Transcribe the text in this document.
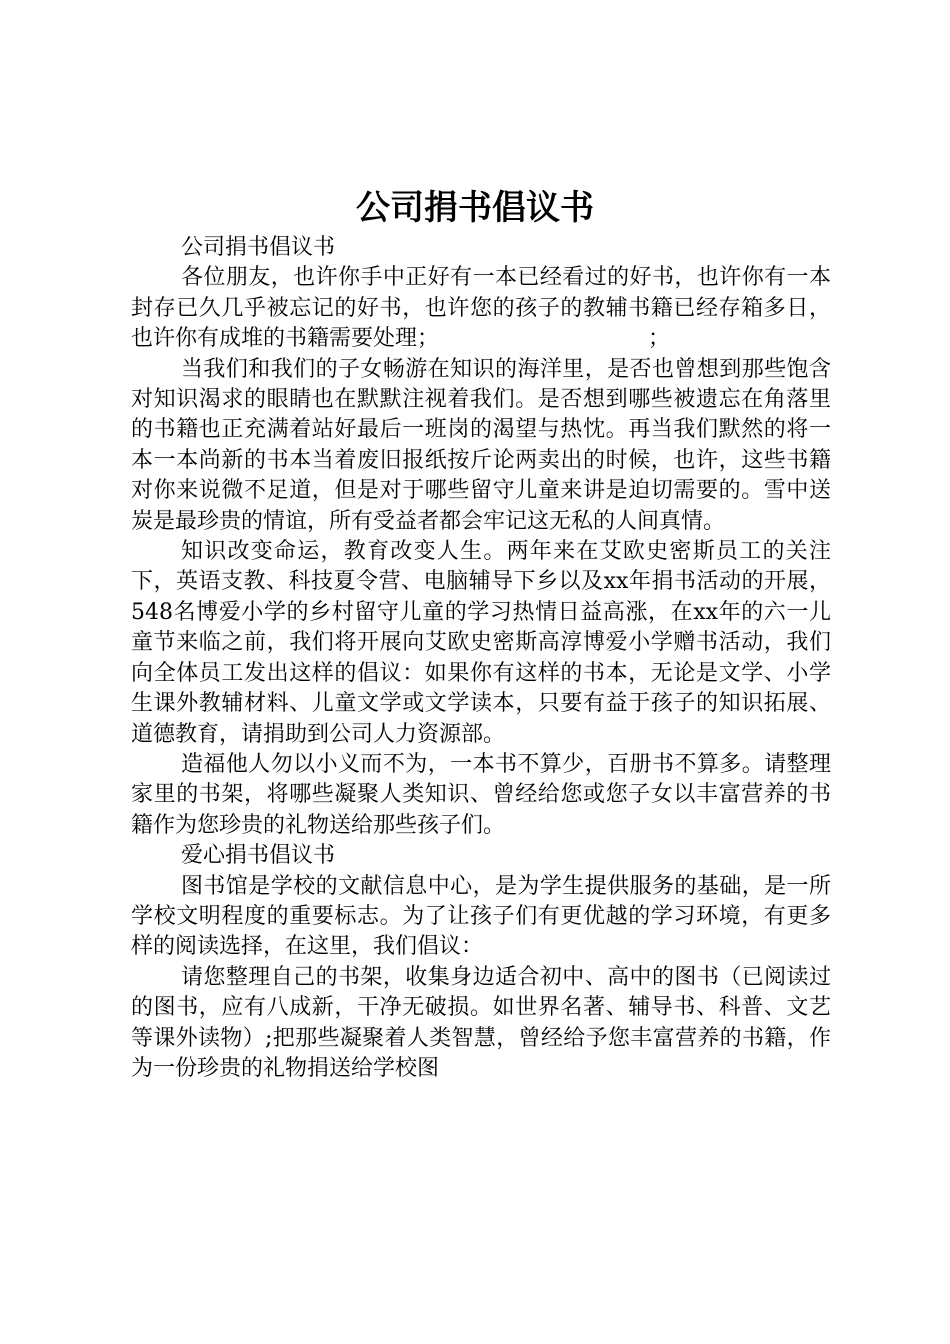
公司捐书倡议书

公司捐书倡议书

各位朋友，也许你手中正好有一本已经看过的好书，也许你有一本封存已久几乎被忘记的好书，也许您的孩子的教辅书籍已经存箱多日，也许你有成堆的书籍需要处理；　　　　　　　　　　；

当我们和我们的子女畅游在知识的海洋里，是否也曾想到那些饱含对知识渴求的眼睛也在默默注视着我们。是否想到哪些被遗忘在角落里的书籍也正充满着站好最后一班岗的渴望与热忱。再当我们默然的将一本一本尚新的书本当着废旧报纸按斤论两卖出的时候，也许，这些书籍对你来说微不足道，但是对于哪些留守儿童来讲是迫切需要的。雪中送炭是最珍贵的情谊，所有受益者都会牢记这无私的人间真情。

知识改变命运，教育改变人生。两年来在艾欧史密斯员工的关注下，英语支教、科技夏令营、电脑辅导下乡以及xx年捐书活动的开展，548名博爱小学的乡村留守儿童的学习热情日益高涨，在xx年的六一儿童节来临之前，我们将开展向艾欧史密斯高淳博爱小学赠书活动，我们向全体员工发出这样的倡议：如果你有这样的书本，无论是文学、小学生课外教辅材料、儿童文学或文学读本，只要有益于孩子的知识拓展、道德教育，请捐助到公司人力资源部。

造福他人勿以小义而不为，一本书不算少，百册书不算多。请整理家里的书架，将哪些凝聚人类知识、曾经给您或您子女以丰富营养的书籍作为您珍贵的礼物送给那些孩子们。

爱心捐书倡议书

图书馆是学校的文献信息中心，是为学生提供服务的基础，是一所学校文明程度的重要标志。为了让孩子们有更优越的学习环境，有更多样的阅读选择，在这里，我们倡议：

请您整理自己的书架，收集身边适合初中、高中的图书（已阅读过的图书，应有八成新，干净无破损。如世界名著、辅导书、科普、文艺等课外读物）;把那些凝聚着人类智慧，曾经给予您丰富营养的书籍，作为一份珍贵的礼物捐送给学校图
